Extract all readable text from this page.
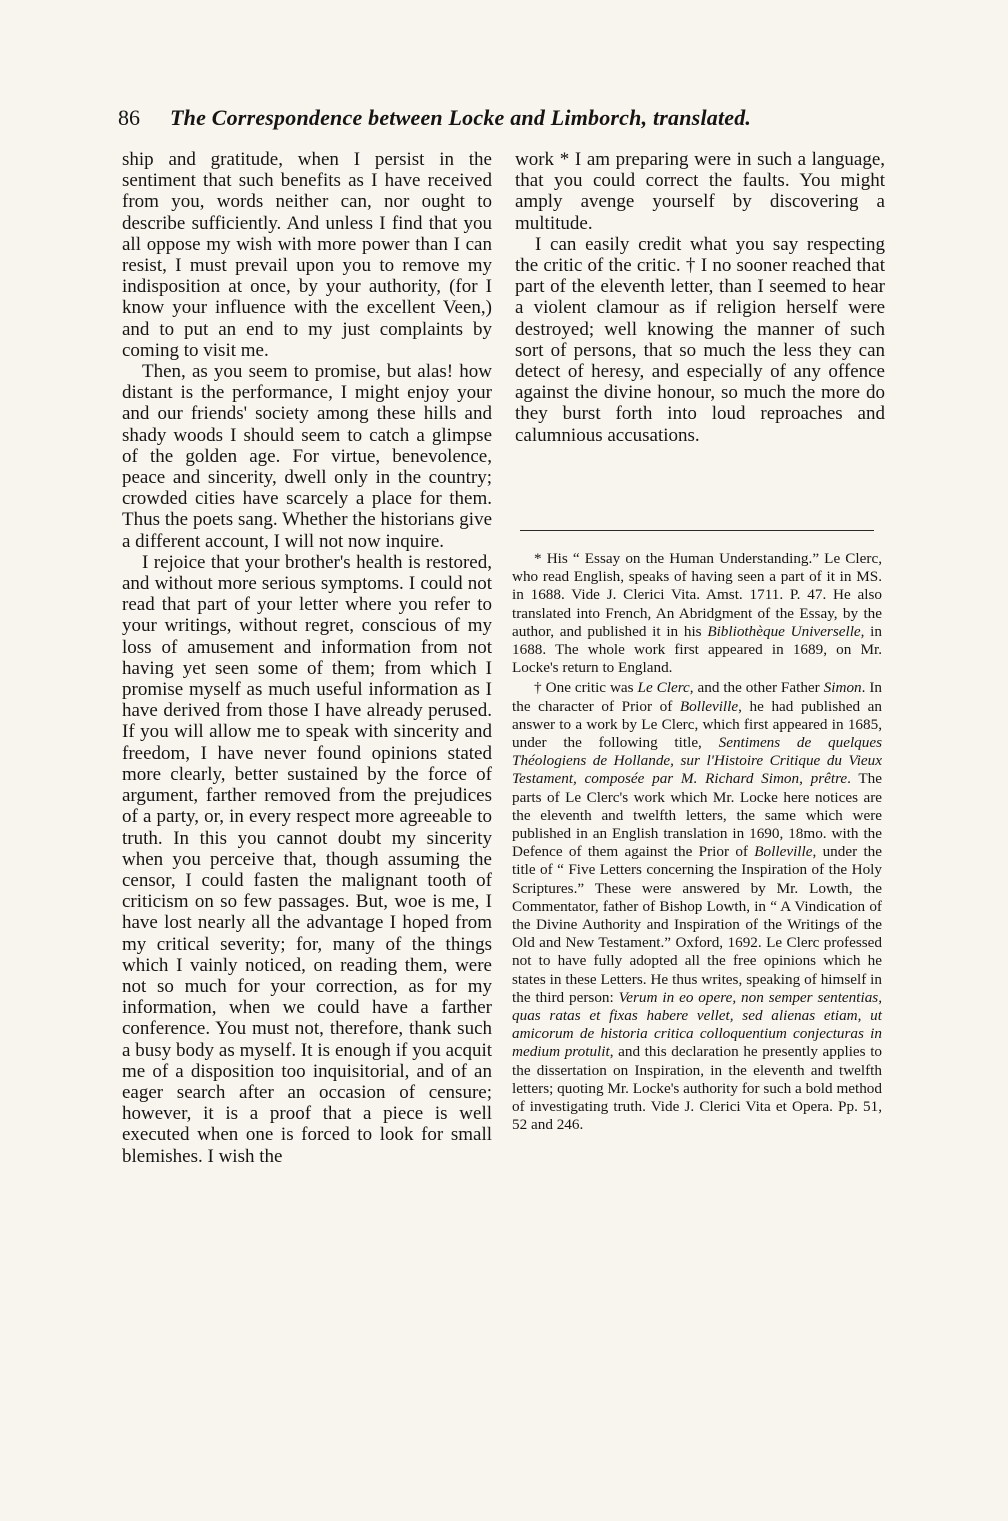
86 The Correspondence between Locke and Limborch, translated.

ship and gratitude, when I persist in the sentiment that such benefits as I have received from you, words neither can, nor ought to describe sufficiently. And unless I find that you all oppose my wish with more power than I can resist, I must prevail upon you to remove my indisposition at once, by your authority, (for I know your influence with the excellent Veen,) and to put an end to my just complaints by coming to visit me.

Then, as you seem to promise, but alas! how distant is the performance, I might enjoy your and our friends' society among these hills and shady woods I should seem to catch a glimpse of the golden age. For virtue, benevolence, peace and sincerity, dwell only in the country; crowded cities have scarcely a place for them. Thus the poets sang. Whether the historians give a different account, I will not now inquire.

I rejoice that your brother's health is restored, and without more serious symptoms. I could not read that part of your letter where you refer to your writings, without regret, conscious of my loss of amusement and information from not having yet seen some of them; from which I promise myself as much useful information as I have derived from those I have already perused. If you will allow me to speak with sincerity and freedom, I have never found opinions stated more clearly, better sustained by the force of argument, farther removed from the prejudices of a party, or, in every respect more agreeable to truth. In this you cannot doubt my sincerity when you perceive that, though assuming the censor, I could fasten the malignant tooth of criticism on so few passages. But, woe is me, I have lost nearly all the advantage I hoped from my critical severity; for, many of the things which I vainly noticed, on reading them, were not so much for your correction, as for my information, when we could have a farther conference. You must not, therefore, thank such a busy body as myself. It is enough if you acquit me of a disposition too inquisitorial, and of an eager search after an occasion of censure; however, it is a proof that a piece is well executed when one is forced to look for small blemishes. I wish the

work * I am preparing were in such a language, that you could correct the faults. You might amply avenge yourself by discovering a multitude.

I can easily credit what you say respecting the critic of the critic. † I no sooner reached that part of the eleventh letter, than I seemed to hear a violent clamour as if religion herself were destroyed; well knowing the manner of such sort of persons, that so much the less they can detect of heresy, and especially of any offence against the divine honour, so much the more do they burst forth into loud reproaches and calumnious accusations.

* His “ Essay on the Human Understanding.” Le Clerc, who read English, speaks of having seen a part of it in MS. in 1688. Vide J. Clerici Vita. Amst. 1711. P. 47. He also translated into French, An Abridgment of the Essay, by the author, and published it in his Bibliothèque Universelle, in 1688. The whole work first appeared in 1689, on Mr. Locke's return to England.

† One critic was Le Clerc, and the other Father Simon. In the character of Prior of Bolleville, he had published an answer to a work by Le Clerc, which first appeared in 1685, under the following title, Sentimens de quelques Théologiens de Hollande, sur l'Histoire Critique du Vieux Testament, composée par M. Richard Simon, prêtre. The parts of Le Clerc's work which Mr. Locke here notices are the eleventh and twelfth letters, the same which were published in an English translation in 1690, 18mo. with the Defence of them against the Prior of Bolleville, under the title of “ Five Letters concerning the Inspiration of the Holy Scriptures.” These were answered by Mr. Lowth, the Commentator, father of Bishop Lowth, in “ A Vindication of the Divine Authority and Inspiration of the Writings of the Old and New Testament.” Oxford, 1692. Le Clerc professed not to have fully adopted all the free opinions which he states in these Letters. He thus writes, speaking of himself in the third person: Verum in eo opere, non semper sententias, quas ratas et fixas habere vellet, sed alienas etiam, ut amicorum de historia critica colloquentium conjecturas in medium protulit, and this declaration he presently applies to the dissertation on Inspiration, in the eleventh and twelfth letters; quoting Mr. Locke's authority for such a bold method of investigating truth. Vide J. Clerici Vita et Opera. Pp. 51, 52 and 246.
